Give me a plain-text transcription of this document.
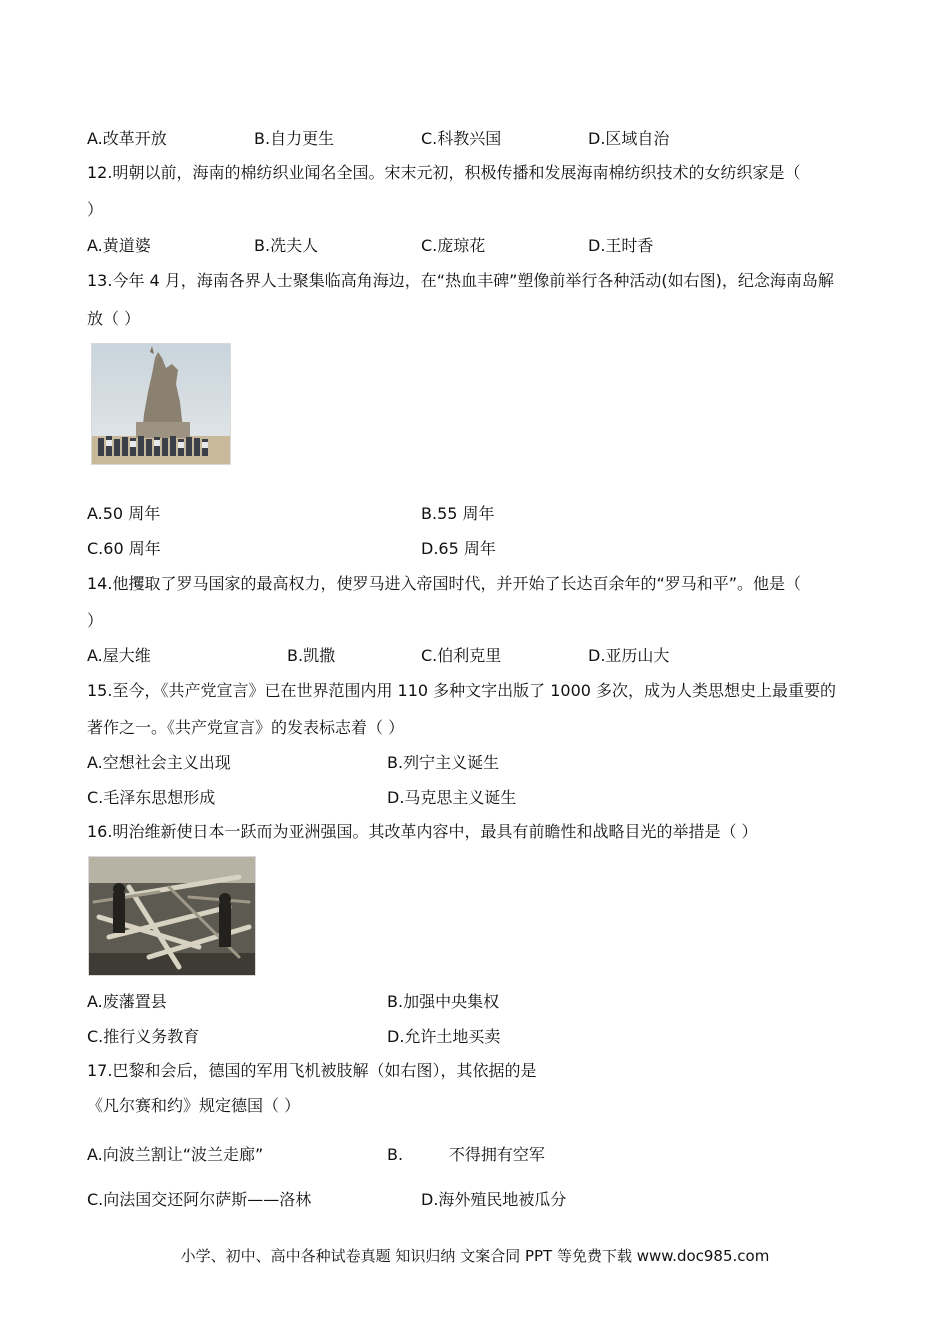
A.改革开放	B.自力更生	C.科教兴国	D.区域自治
12.明朝以前，海南的棉纺织业闻名全国。宋末元初，积极传播和发展海南棉纺织技术的女纺织家是（
）
A.黄道婆	B.冼夫人	C.庞琼花	D.王时香
13.今年 4 月，海南各界人士聚集临高角海边，在“热血丰碑”塑像前举行各种活动(如右图)，纪念海南岛解
放（ ）
A.50 周年	B.55 周年
C.60 周年	D.65 周年
14.他攫取了罗马国家的最高权力，使罗马进入帝国时代，并开始了长达百余年的“罗马和平”。他是（
）
A.屋大维	B.凯撒	C.伯利克里	D.亚历山大
15.至今，《共产党宣言》已在世界范围内用 110 多种文字出版了 1000 多次，成为人类思想史上最重要的
著作之一。《共产党宣言》的发表标志着（ ）
A.空想社会主义出现	B.列宁主义诞生
C.毛泽东思想形成	D.马克思主义诞生
16.明治维新使日本一跃而为亚洲强国。其改革内容中，最具有前瞻性和战略目光的举措是（ ）
A.废藩置县	B.加强中央集权
C.推行义务教育	D.允许土地买卖
17.巴黎和会后，德国的军用飞机被肢解（如右图），其依据的是
《凡尔赛和约》规定德国（ ）
A.向波兰割让“波兰走廊”	B.         不得拥有空军
C.向法国交还阿尔萨斯——洛林	D.海外殖民地被瓜分
小学、初中、高中各种试卷真题 知识归纳 文案合同 PPT 等免费下载 www.doc985.com
